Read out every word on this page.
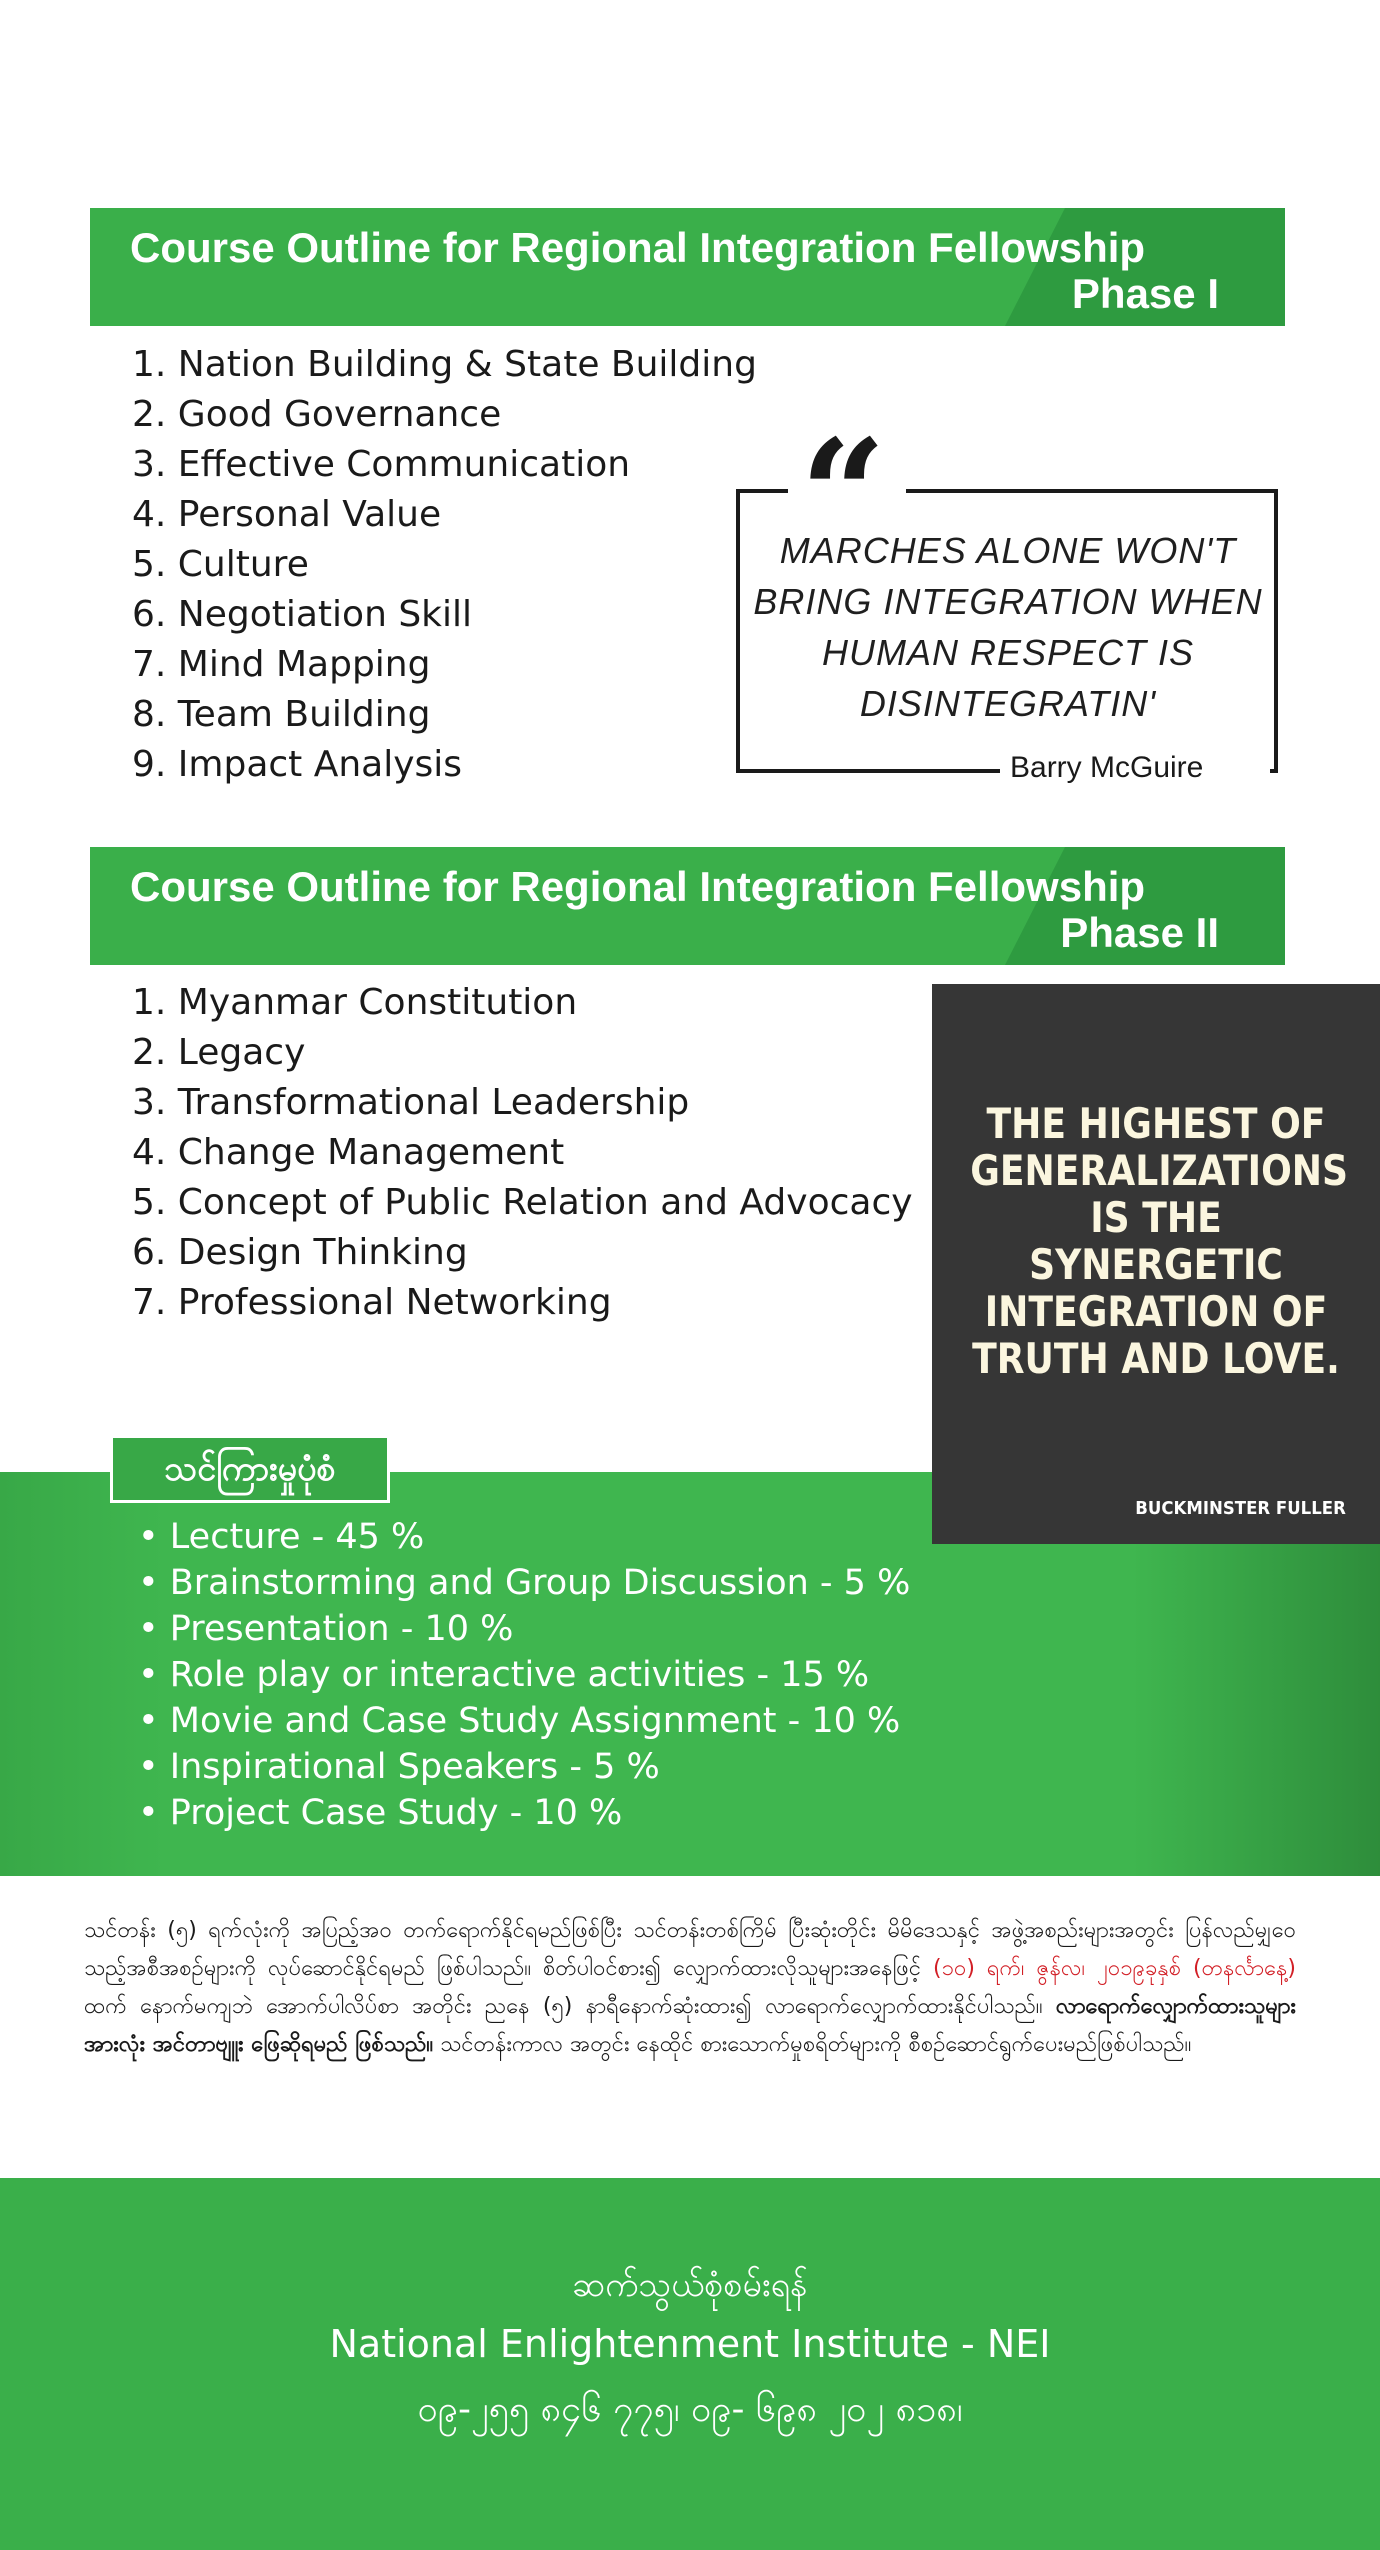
Course Outline for Regional Integration Fellowship
Phase I
1. Nation Building & State Building
2. Good Governance
3. Effective Communication
4. Personal Value
5. Culture
6. Negotiation Skill
7. Mind Mapping
8. Team Building
9. Impact Analysis
“
MARCHES ALONE WON'T BRING INTEGRATION WHEN HUMAN RESPECT IS DISINTEGRATIN'
Barry McGuire
Course Outline for Regional Integration Fellowship
Phase II
1. Myanmar Constitution
2. Legacy
3. Transformational Leadership
4. Change Management
5. Concept of Public Relation and Advocacy
6. Design Thinking
7. Professional Networking
သင်ကြားမှုပုံစံ
• Lecture - 45 %
• Brainstorming and Group Discussion - 5 %
• Presentation - 10 %
• Role play or interactive activities - 15 %
• Movie and Case Study Assignment - 10 %
• Inspirational Speakers - 5 %
• Project Case Study - 10 %
THE HIGHEST OF GENERALIZATIONS IS THE SYNERGETIC INTEGRATION OF TRUTH AND LOVE.
BUCKMINSTER FULLER
သင်တန်း (၅) ရက်လုံးကို အပြည့်အဝ တက်ရောက်နိုင်ရမည်ဖြစ်ပြီး သင်တန်းတစ်ကြိမ် ပြီးဆုံးတိုင်း မိမိဒေသနှင့် အဖွဲ့အစည်းများအတွင်း ပြန်လည်မျှဝေသည့်အစီအစဉ်များကို လုပ်ဆောင်နိုင်ရမည် ဖြစ်ပါသည်။ စိတ်ပါဝင်စား၍ လျှောက်ထားလိုသူများအနေဖြင့် (၁၀) ရက်၊ ဇွန်လ၊ ၂၀၁၉ခုနှစ် (တနင်္လာနေ့) ထက် နောက်မကျဘဲ အောက်ပါလိပ်စာ အတိုင်း ညနေ (၅) နာရီနောက်ဆုံးထား၍ လာရောက်လျှောက်ထားနိုင်ပါသည်။ လာရောက်လျှောက်ထားသူများအားလုံး အင်တာဗျူး ဖြေဆိုရမည် ဖြစ်သည်။ သင်တန်းကာလ အတွင်း နေထိုင် စားသောက်မှုစရိတ်များကို စီစဉ်ဆောင်ရွက်ပေးမည်ဖြစ်ပါသည်။
ဆက်သွယ်စုံစမ်းရန်
National Enlightenment Institute - NEI
၀၉-၂၅၅ ၈၄၆ ၇၇၅၊ ၀၉- ၆၉၈ ၂၀၂ ၈၁၈၊
